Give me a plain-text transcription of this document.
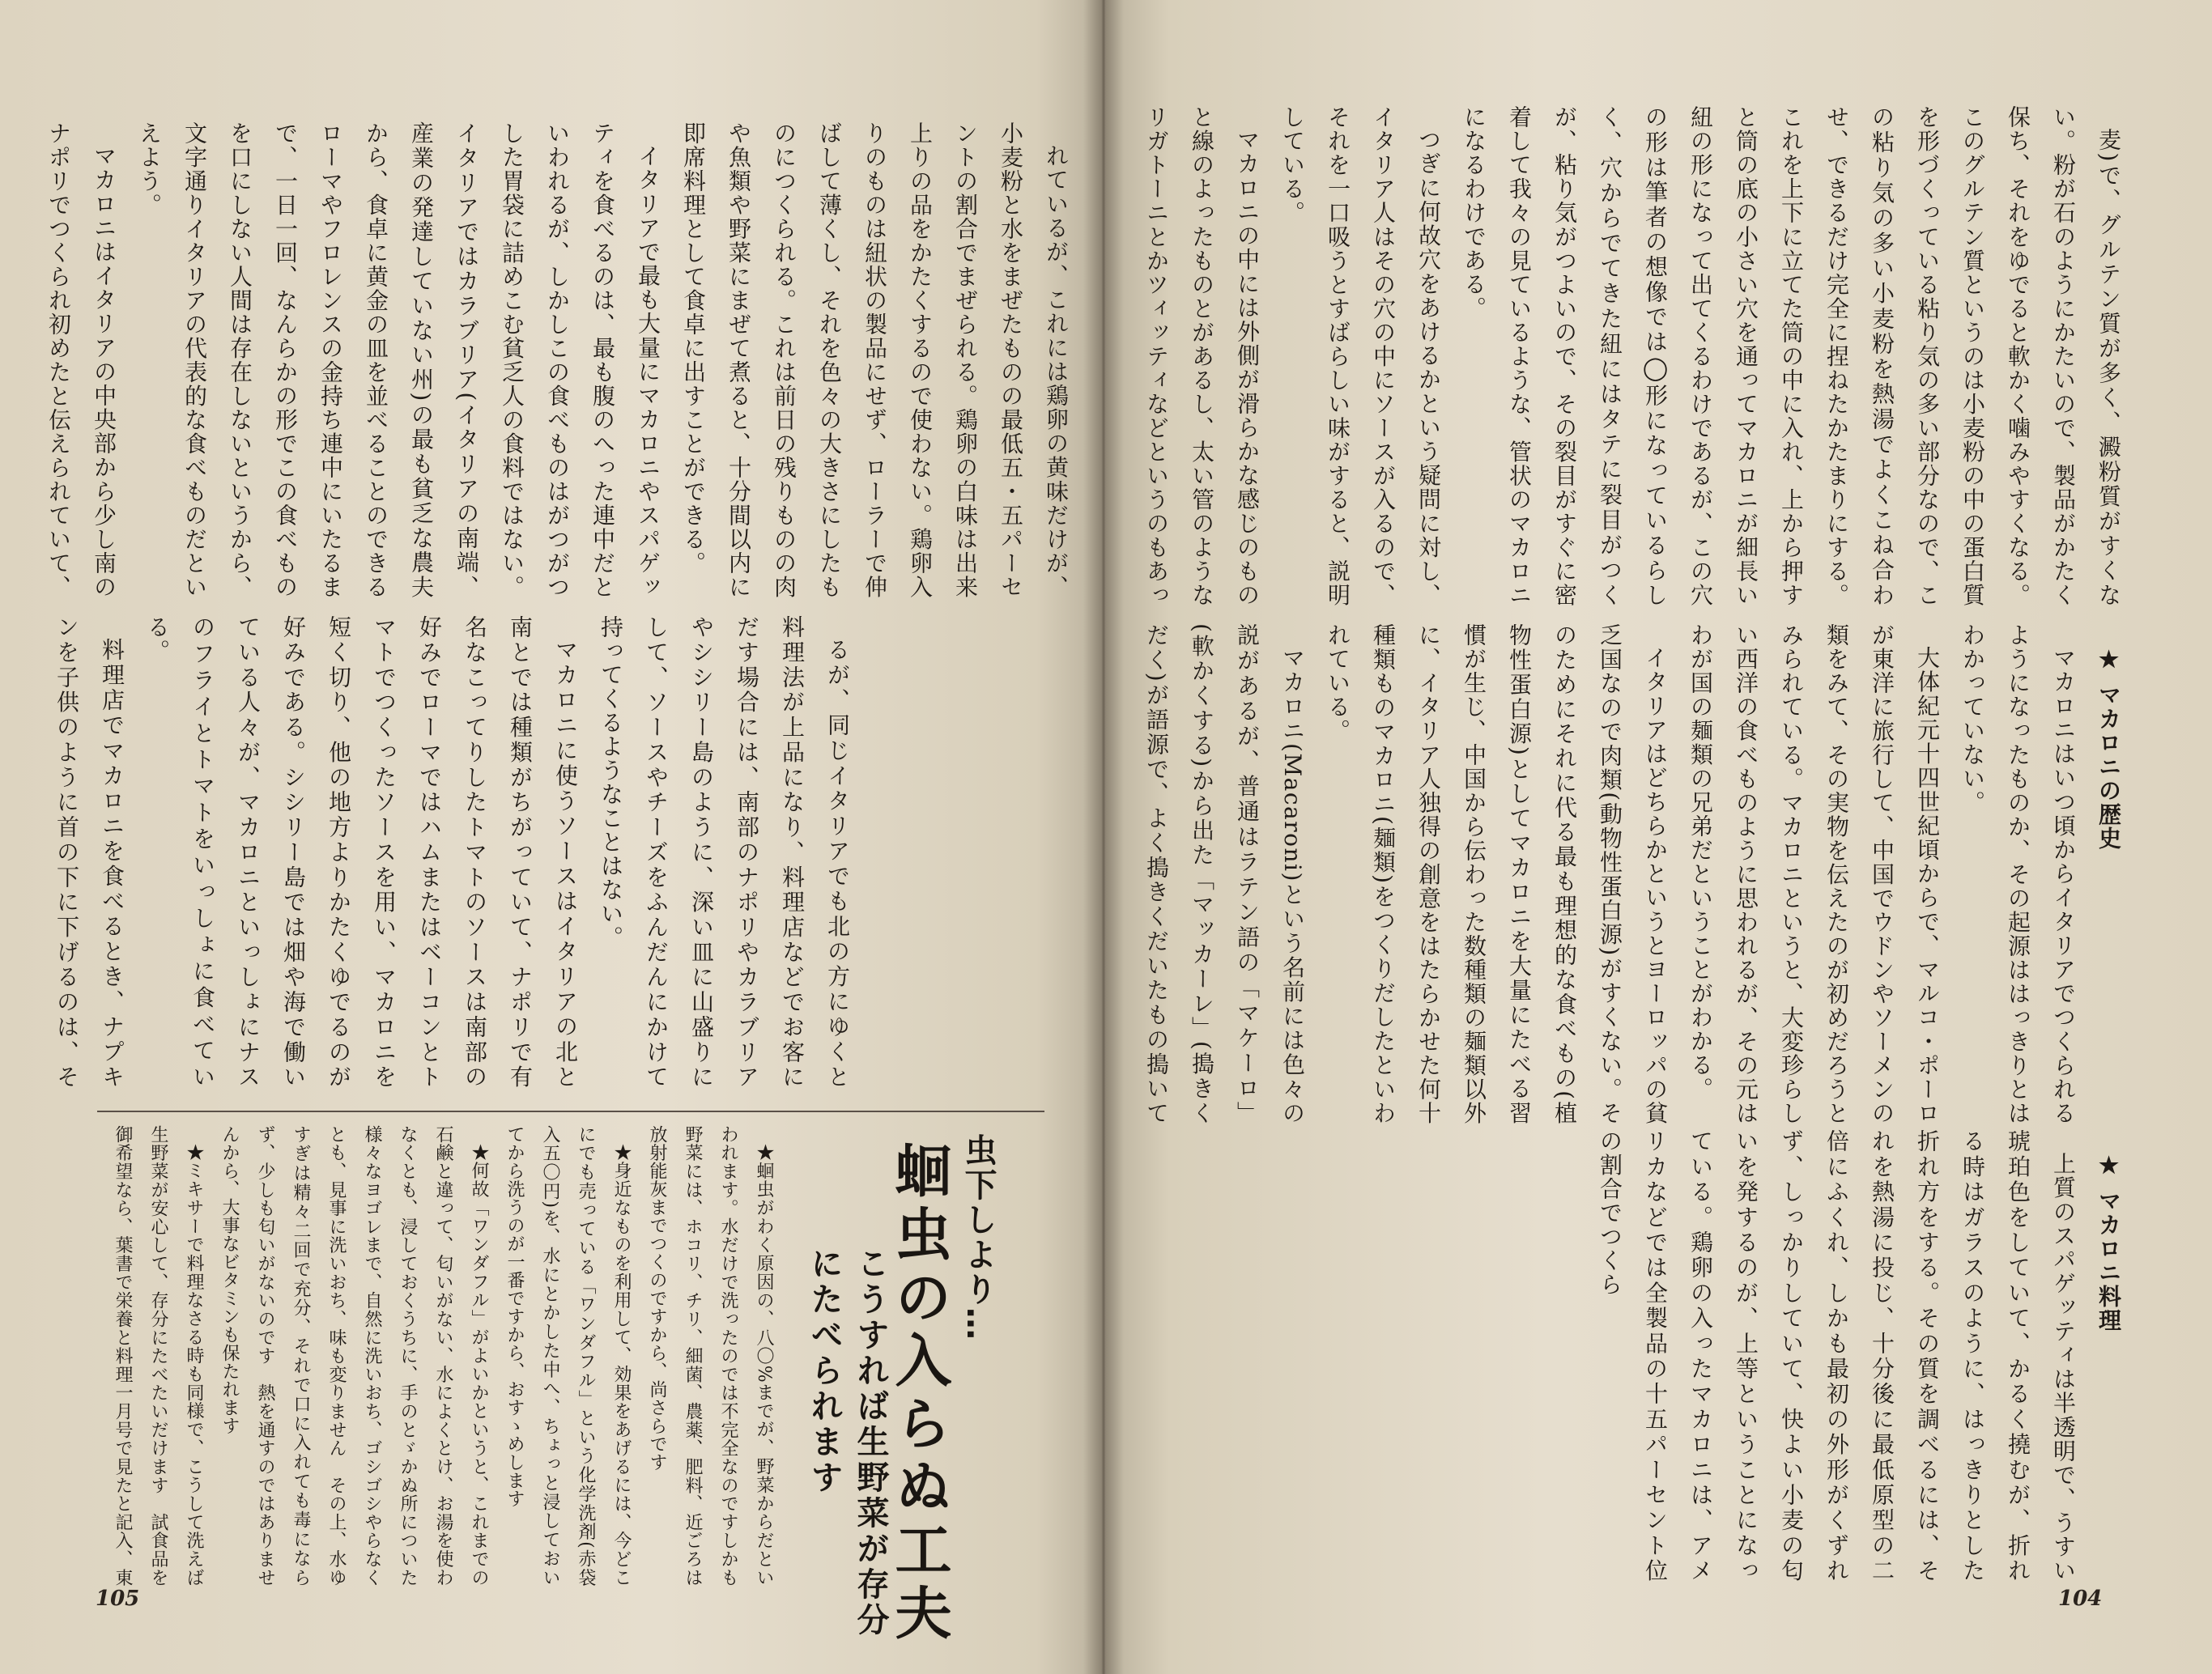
れているが、これには鶏卵の黄味だけが、小麦粉と水をまぜたものの最低五・五パーセントの割合でまぜられる。鶏卵の白味は出来上りの品をかたくするので使わない。鶏卵入りのものは紐状の製品にせず、ローラーで伸ばして薄くし、それを色々の大きさにしたものにつくられる。これは前日の残りものの肉や魚類や野菜にまぜて煮ると、十分間以内に即席料理として食卓に出すことができる。

イタリアで最も大量にマカロニやスパゲッティを食べるのは、最も腹のへった連中だといわれるが、しかしこの食べものはがつがつした胃袋に詰めこむ貧乏人の食料ではない。イタリアではカラブリア(イタリアの南端、産業の発達していない州)の最も貧乏な農夫から、食卓に黄金の皿を並べることのできるローマやフロレンスの金持ち連中にいたるまで、一日一回、なんらかの形でこの食べものを口にしない人間は存在しないというから、文字通りイタリアの代表的な食べものだといえよう。

マカロニはイタリアの中央部から少し南のナポリでつくられ初めたと伝えられていて、

るが、同じイタリアでも北の方にゆくと料理法が上品になり、料理店などでお客にだす場合には、南部のナポリやカラブリアやシシリー島のように、深い皿に山盛りにして、ソースやチーズをふんだんにかけて持ってくるようなことはない。

マカロニに使うソースはイタリアの北と南とでは種類がちがっていて、ナポリで有名なこってりしたトマトのソースは南部の好みでローマではハムまたはベーコンとトマトでつくったソースを用い、マカロニを短く切り、他の地方よりかたくゆでるのが好みである。シシリー島では畑や海で働いている人々が、マカロニといっしょにナスのフライとトマトをいっしょに食べている。

料理店でマカロニを食べるとき、ナプキンを子供のように首の下に下げるのは、そ

虫下しより…
蛔虫の入らぬ工夫
こうすれば生野菜が存分にたべられます

★蛔虫がわく原因の、八〇%までが、野菜からだといわれます。水だけで洗ったのでは不完全なのですしかも野菜には、ホコリ、チリ、細菌、農薬、肥料、近ごろは放射能灰までつくのですから、尚さらです

★身近なものを利用して、効果をあげるには、今どこにでも売っている「ワンダフル」という化学洗剤(赤袋入五〇円)を、水にとかした中へ、ちょっと浸しておいてから洗うのが一番ですから、おすゝめします

★何故「ワンダフル」がよいかというと、これまでの石鹸と違って、匂いがない、水によくとけ、お湯を使わなくとも、浸しておくうちに、手のとゞかぬ所についた様々なヨゴレまで、自然に洗いおち、ゴシゴシやらなくとも、見事に洗いおち、味も変りません　その上、水ゆすぎは精々二回で充分、それで口に入れても毒にならず、少しも匂いがないのです　熱を通すのではありませんから、大事なビタミンも保たれます

★ミキサーで料理なさる時も同様で、こうして洗えば生野菜が安心して、存分にたべたいだけます　試食品を御希望なら、葉書で栄養と料理一月号で見たと記入、東

105

麦)で、グルテン質が多く、澱粉質がすくない。粉が石のようにかたいので、製品がかたく保ち、それをゆでると軟かく噛みやすくなる。このグルテン質というのは小麦粉の中の蛋白質を形づくっている粘り気の多い部分なので、この粘り気の多い小麦粉を熱湯でよくこね合わせ、できるだけ完全に捏ねたかたまりにする。これを上下に立てた筒の中に入れ、上から押すと筒の底の小さい穴を通ってマカロニが細長い紐の形になって出てくるわけであるが、この穴の形は筆者の想像では◯形になっているらしく、穴からでてきた紐にはタテに裂目がつくが、粘り気がつよいので、その裂目がすぐに密着して我々の見ているような、管状のマカロニになるわけである。

つぎに何故穴をあけるかという疑問に対し、イタリア人はその穴の中にソースが入るので、それを一口吸うとすばらしい味がすると、説明している。

マカロニの中には外側が滑らかな感じのものと線のよったものとがあるし、太い管のようなリガトーニとかツィッティなどというのもあっ

★ マカロニの歴史

マカロニはいつ頃からイタリアでつくられるようになったものか、その起源ははっきりとはわかっていない。

大体紀元十四世紀頃からで、マルコ・ポーロが東洋に旅行して、中国でウドンやソーメンの類をみて、その実物を伝えたのが初めだろうとみられている。マカロニというと、大変珍らしい西洋の食べものように思われるが、その元はわが国の麺類の兄弟だということがわかる。

イタリアはどちらかというとヨーロッパの貧乏国なので肉類(動物性蛋白源)がすくない。そのためにそれに代る最も理想的な食べもの(植物性蛋白源)としてマカロニを大量にたべる習慣が生じ、中国から伝わった数種類の麺類以外に、イタリア人独得の創意をはたらかせた何十種類ものマカロニ(麺類)をつくりだしたといわれている。

マカロニ(Macaroni)という名前には色々の説があるが、普通はラテン語の「マケーロ」(軟かくする)から出た「マッカーレ」(搗きくだく)が語源で、よく搗きくだいたもの搗いて

★ マカロニ料理

上質のスパゲッティは半透明で、うすい琥珀色をしていて、かるく撓むが、折れる時はガラスのように、はっきりとした折れ方をする。その質を調べるには、それを熱湯に投じ、十分後に最低原型の二倍にふくれ、しかも最初の外形がくずれず、しっかりしていて、快よい小麦の匂いを発するのが、上等ということになっている。鶏卵の入ったマカロニは、アメリカなどでは全製品の十五パーセント位の割合でつくら

104
